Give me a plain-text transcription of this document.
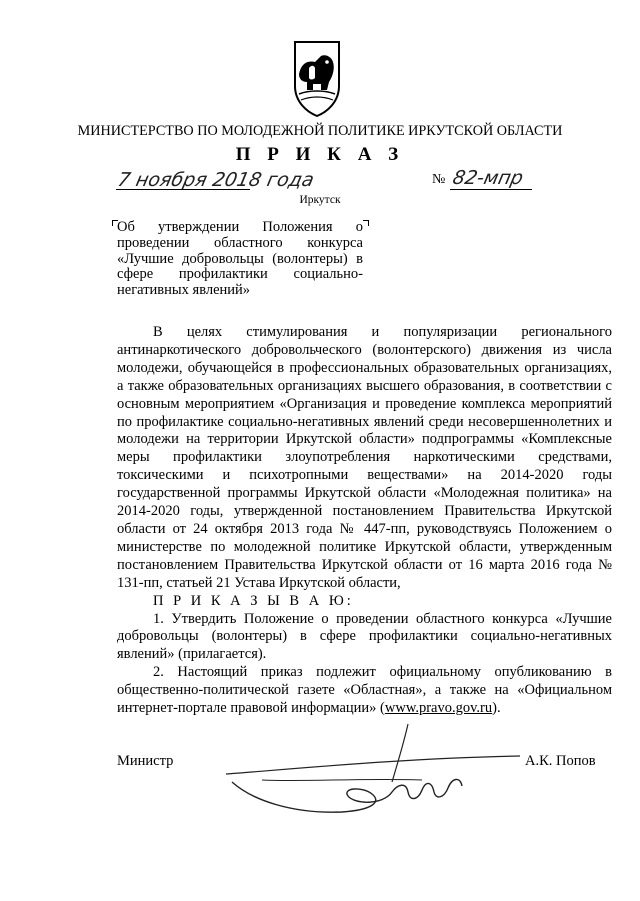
МИНИСТЕРСТВО ПО МОЛОДЕЖНОЙ ПОЛИТИКЕ ИРКУТСКОЙ ОБЛАСТИ
П Р И К А З
7 ноября 2018 года	№ 82-мпр
Иркутск
Об утверждении Положения о проведении областного конкурса «Лучшие добровольцы (волонтеры) в сфере профилактики социально-негативных явлений»
В целях стимулирования и популяризации регионального антинаркотического добровольческого (волонтерского) движения из числа молодежи, обучающейся в профессиональных образовательных организациях, а также образовательных организациях высшего образования, в соответствии с основным мероприятием «Организация и проведение комплекса мероприятий по профилактике социально-негативных явлений среди несовершеннолетних и молодежи на территории Иркутской области» подпрограммы «Комплексные меры профилактики злоупотребления наркотическими средствами, токсическими и психотропными веществами» на 2014-2020 годы государственной программы Иркутской области «Молодежная политика» на 2014-2020 годы, утвержденной постановлением Правительства Иркутской области от 24 октября 2013 года № 447-пп, руководствуясь Положением о министерстве по молодежной политике Иркутской области, утвержденным постановлением Правительства Иркутской области от 16 марта 2016 года № 131-пп, статьей 21 Устава Иркутской области,
П Р И К А З Ы В А Ю:
1. Утвердить Положение о проведении областного конкурса «Лучшие добровольцы (волонтеры) в сфере профилактики социально-негативных явлений» (прилагается).
2. Настоящий приказ подлежит официальному опубликованию в общественно-политической газете «Областная», а также на «Официальном интернет-портале правовой информации» (www.pravo.gov.ru).
Министр	А.К. Попов
